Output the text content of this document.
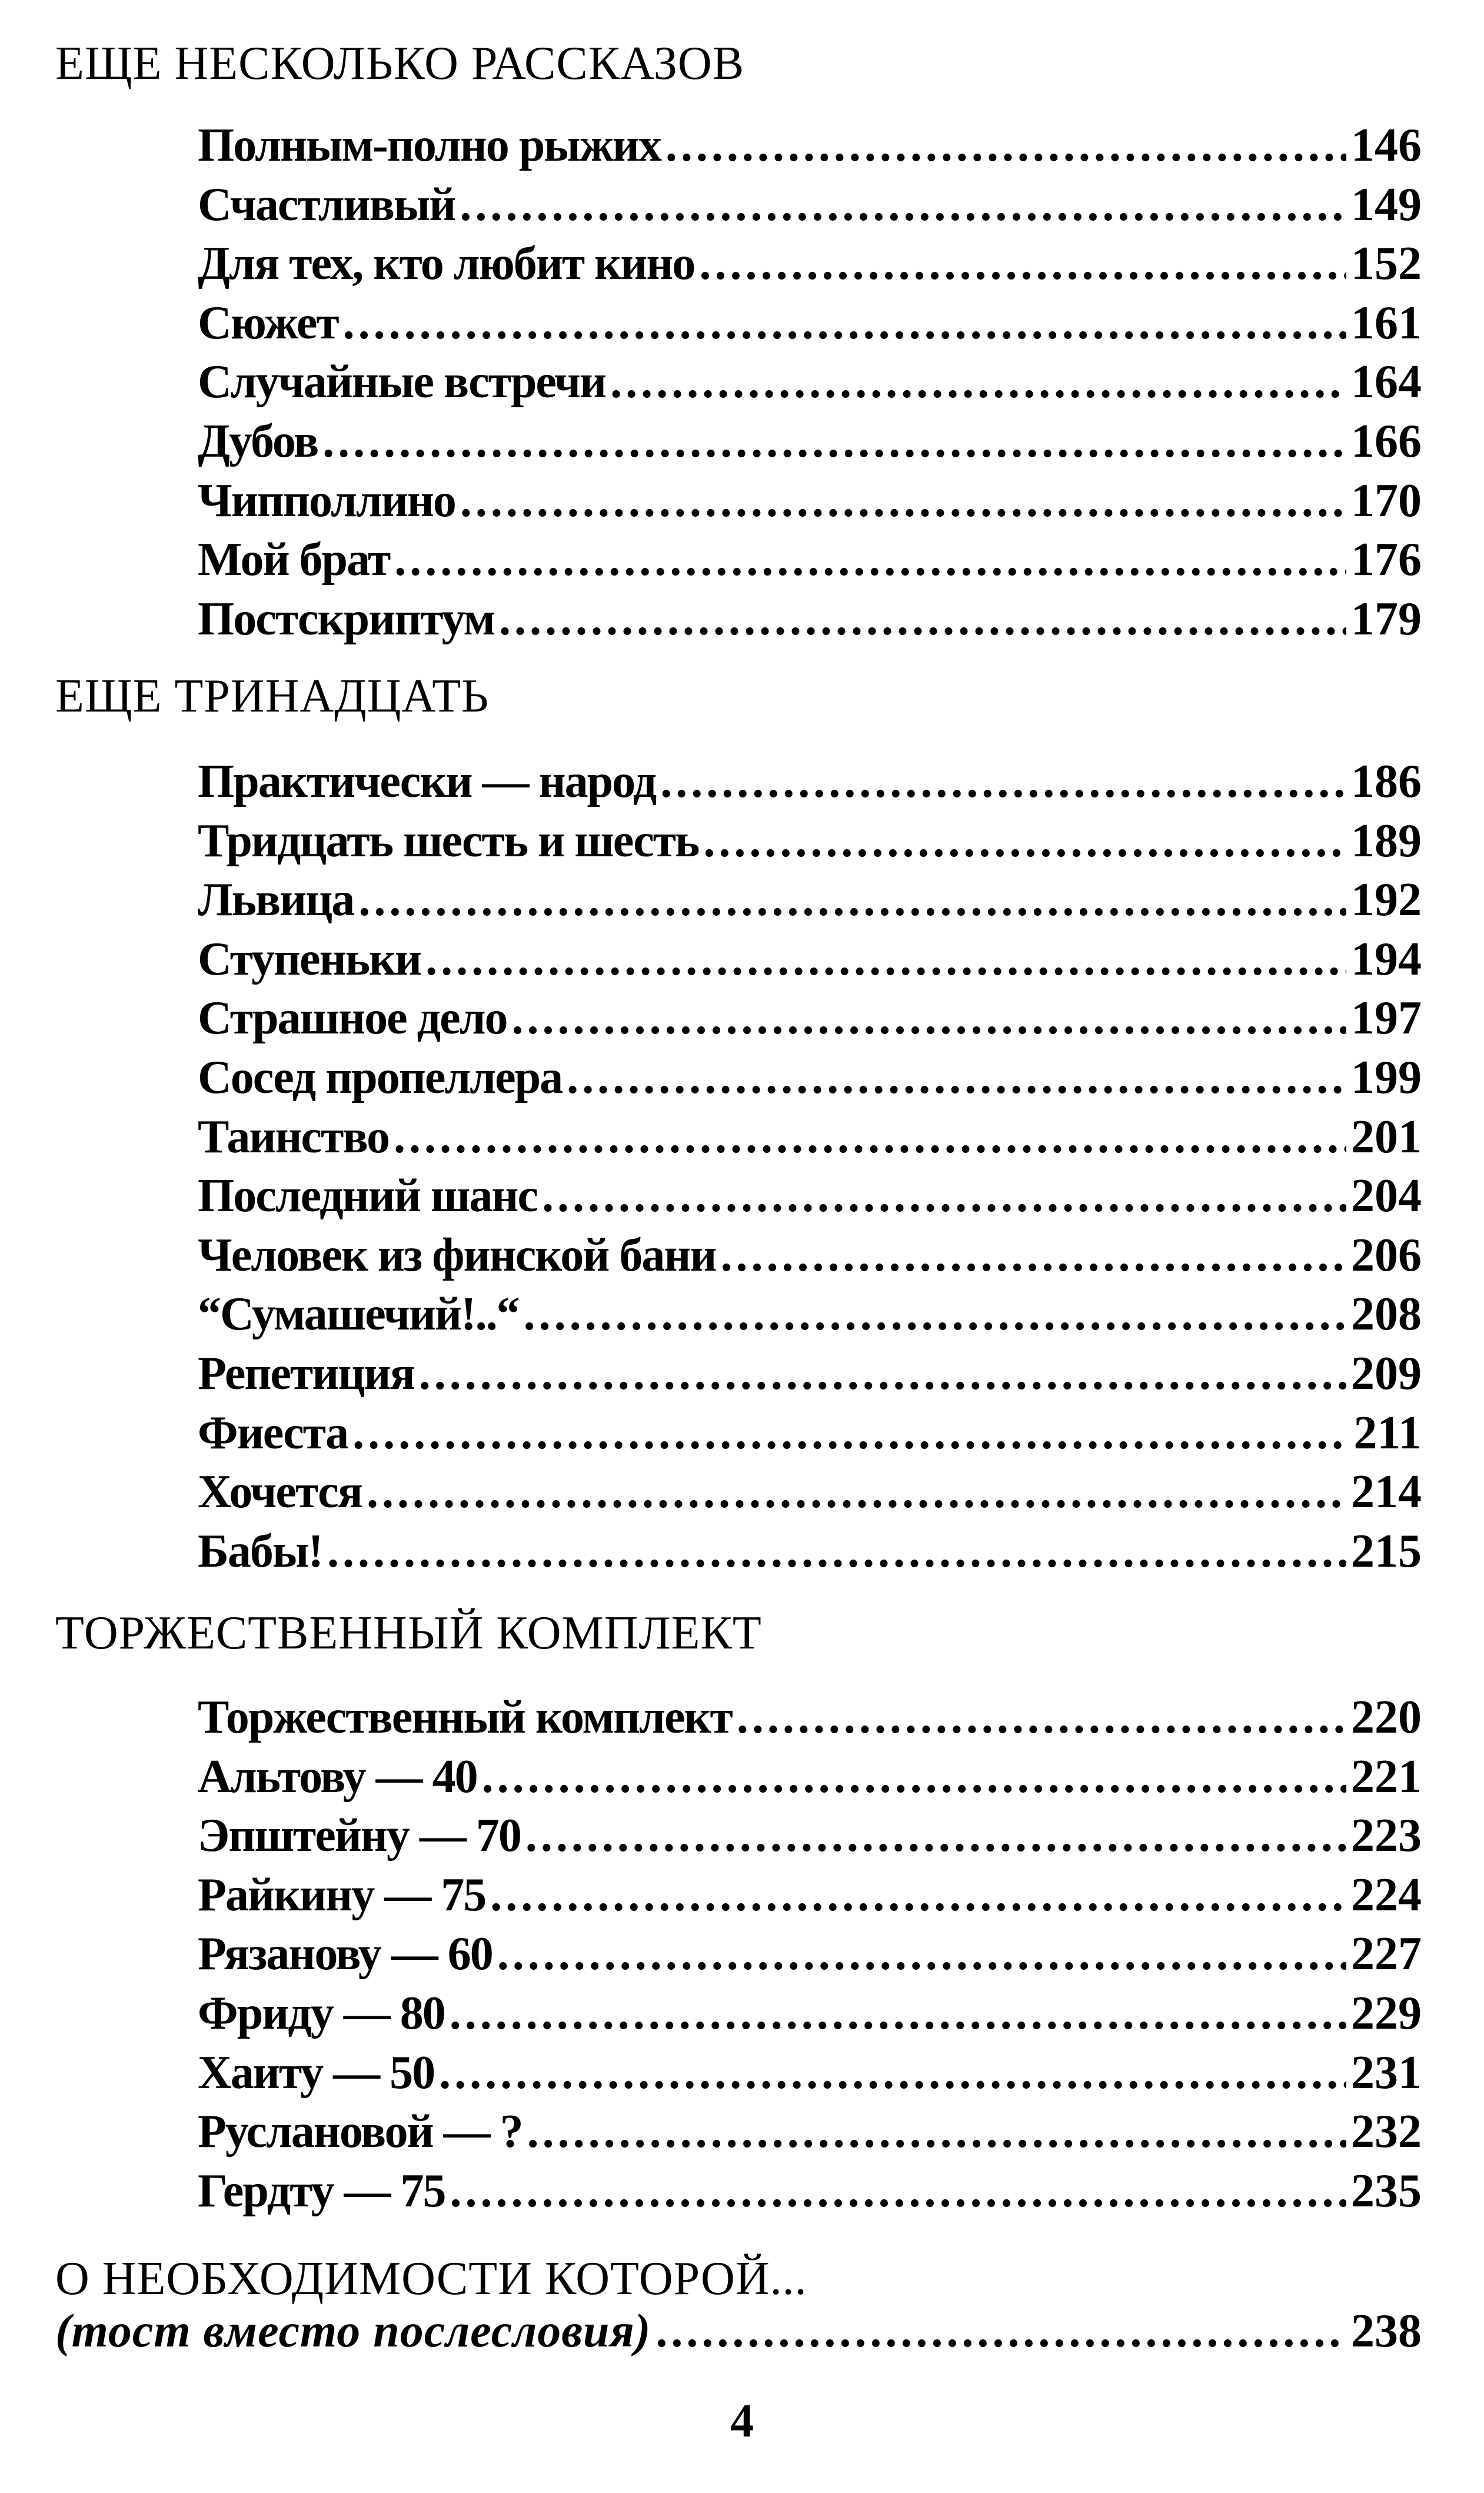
ЕЩЕ НЕСКОЛЬКО РАССКАЗОВ
Полным-полно рыжих .....	146
Счастливый .....	149
Для тех, кто любит кино .....	152
Сюжет .....	161
Случайные встречи .....	164
Дубов .....	166
Чипполлино .....	170
Мой брат .....	176
Постскриптум .....	179
ЕЩЕ ТРИНАДЦАТЬ
Практически — народ .....	186
Тридцать шесть и шесть .....	189
Львица .....	192
Ступеньки .....	194
Страшное дело .....	197
Сосед пропеллера .....	199
Таинство .....	201
Последний шанс .....	204
Человек из финской бани .....	206
“Сумашечий!..“ .....	208
Репетиция .....	209
Фиеста .....	211
Хочется .....	214
Бабы! .....	215
ТОРЖЕСТВЕННЫЙ КОМПЛЕКТ
Торжественный комплект .....	220
Альтову — 40 .....	221
Эпштейну — 70 .....	223
Райкину — 75 .....	224
Рязанову — 60 .....	227
Фриду — 80 .....	229
Хаиту — 50 .....	231
Руслановой — ? .....	232
Гердту — 75 .....	235
О НЕОБХОДИМОСТИ КОТОРОЙ...
(тост вместо послесловия) .....	238
4
